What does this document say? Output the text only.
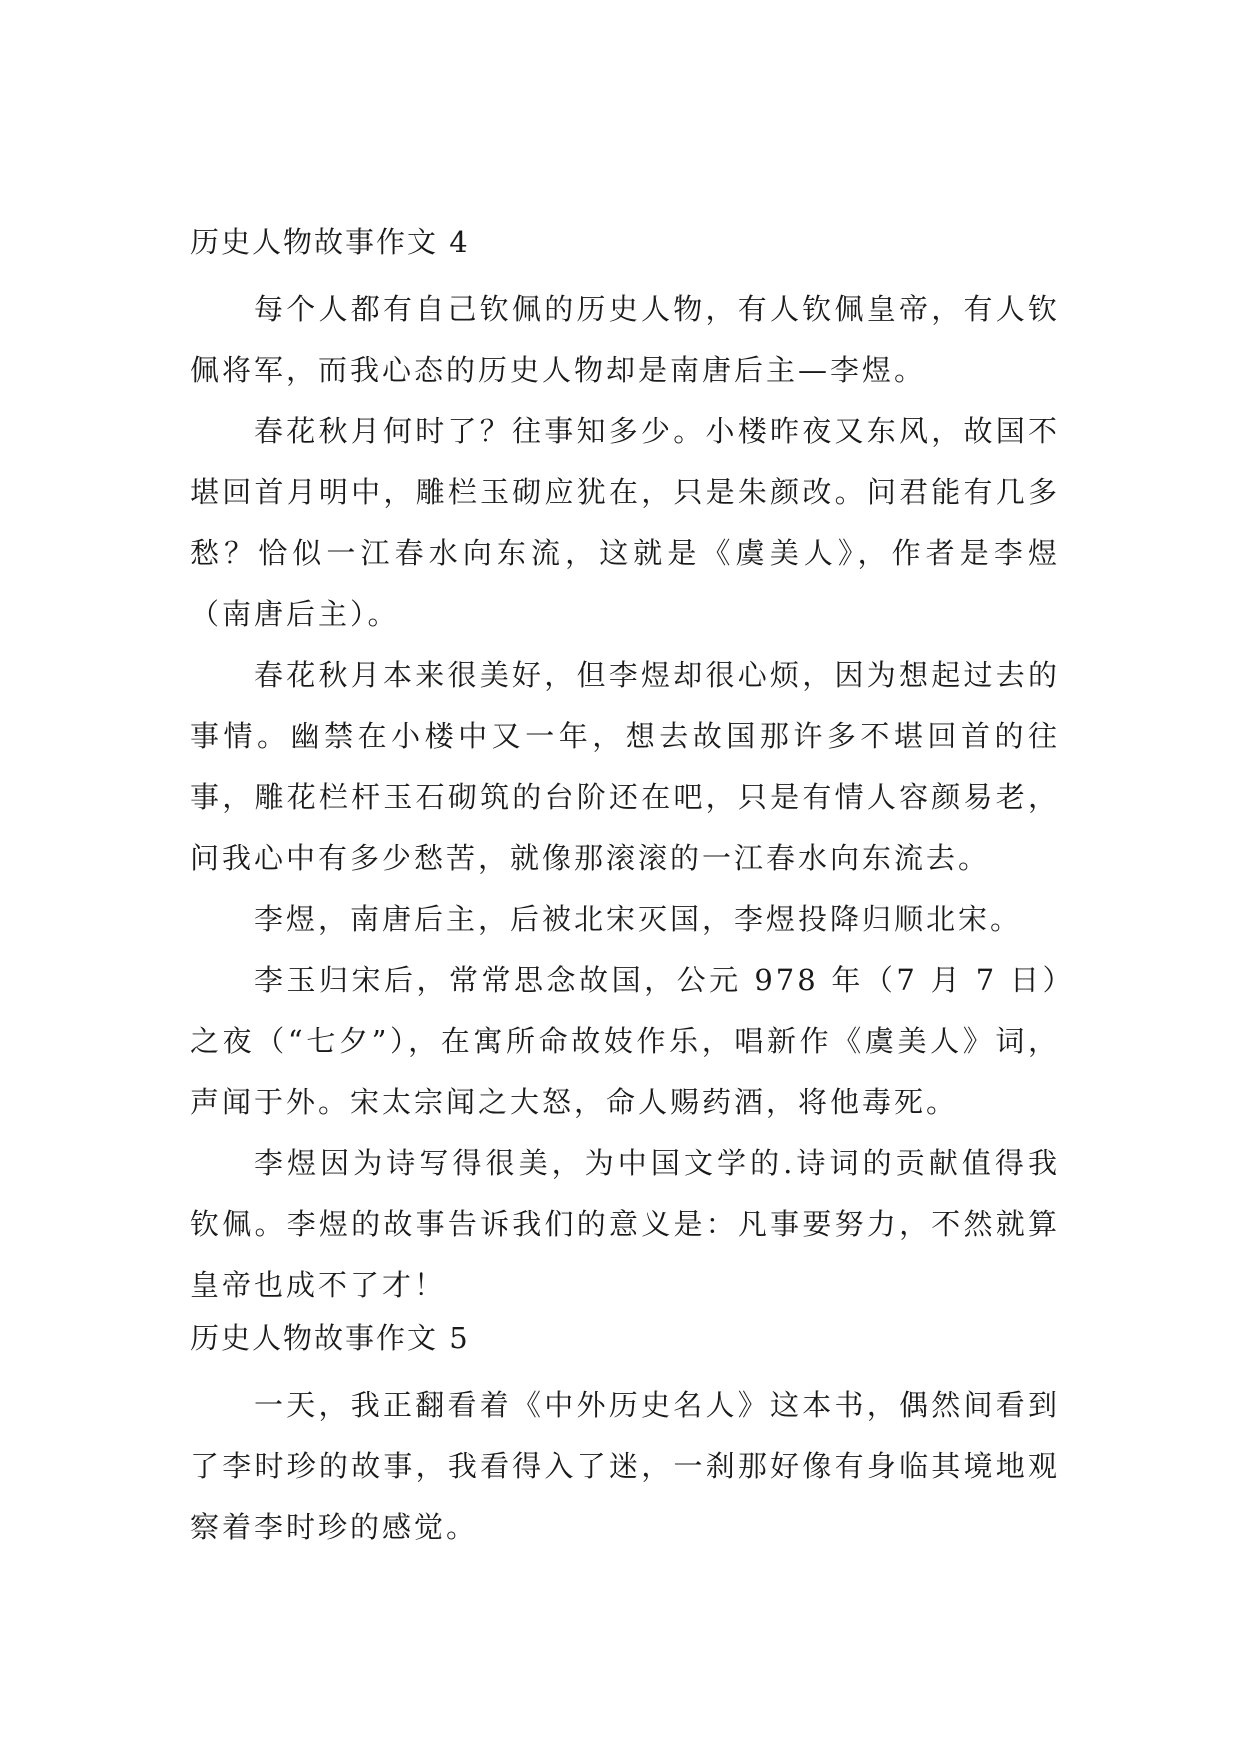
历史人物故事作文 4

每个人都有自己钦佩的历史人物，有人钦佩皇帝，有人钦佩将军，而我心态的历史人物却是南唐后主—李煜。

春花秋月何时了？往事知多少。小楼昨夜又东风，故国不堪回首月明中，雕栏玉砌应犹在，只是朱颜改。问君能有几多愁？恰似一江春水向东流，这就是《虞美人》，作者是李煜（南唐后主）。

春花秋月本来很美好，但李煜却很心烦，因为想起过去的事情。幽禁在小楼中又一年，想去故国那许多不堪回首的往事，雕花栏杆玉石砌筑的台阶还在吧，只是有情人容颜易老，问我心中有多少愁苦，就像那滚滚的一江春水向东流去。

李煜，南唐后主，后被北宋灭国，李煜投降归顺北宋。

李玉归宋后，常常思念故国，公元 978 年（7 月 7 日）之夜（“七夕”），在寓所命故妓作乐，唱新作《虞美人》词，声闻于外。宋太宗闻之大怒，命人赐药酒，将他毒死。

李煜因为诗写得很美，为中国文学的.诗词的贡献值得我钦佩。李煜的故事告诉我们的意义是：凡事要努力，不然就算皇帝也成不了才！

历史人物故事作文 5

一天，我正翻看着《中外历史名人》这本书，偶然间看到了李时珍的故事，我看得入了迷，一刹那好像有身临其境地观察着李时珍的感觉。
